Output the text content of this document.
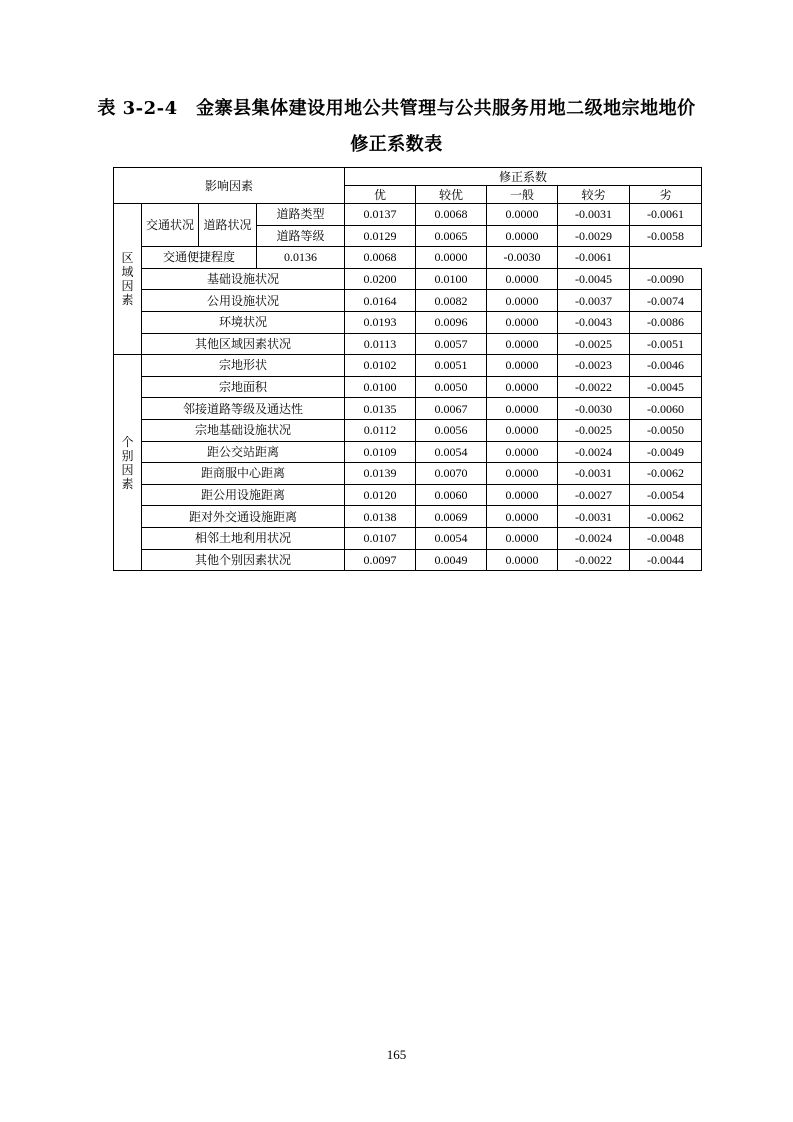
表 3-2-4　金寨县集体建设用地公共管理与公共服务用地二级地宗地地价
修正系数表
影响因素				修正系数				
				优	较优	一般	较劣	劣

区
域
因
素	交通状况	道路状况	道路类型	0.0137	0.0068	0.0000	-0.0031	-0.0061
			道路等级	0.0129	0.0065	0.0000	-0.0029	-0.0058
	交通便捷程度		0.0136	0.0068	0.0000	-0.0030	-0.0061	
	基础设施状况			0.0200	0.0100	0.0000	-0.0045	-0.0090
	公用设施状况			0.0164	0.0082	0.0000	-0.0037	-0.0074
	环境状况			0.0193	0.0096	0.0000	-0.0043	-0.0086
	其他区域因素状况			0.0113	0.0057	0.0000	-0.0025	-0.0051

个
别
因
素	宗地形状			0.0102	0.0051	0.0000	-0.0023	-0.0046
	宗地面积			0.0100	0.0050	0.0000	-0.0022	-0.0045
	邻接道路等级及通达性			0.0135	0.0067	0.0000	-0.0030	-0.0060
	宗地基础设施状况			0.0112	0.0056	0.0000	-0.0025	-0.0050
	距公交站距离			0.0109	0.0054	0.0000	-0.0024	-0.0049
	距商服中心距离			0.0139	0.0070	0.0000	-0.0031	-0.0062
	距公用设施距离			0.0120	0.0060	0.0000	-0.0027	-0.0054
	距对外交通设施距离			0.0138	0.0069	0.0000	-0.0031	-0.0062
	相邻土地利用状况			0.0107	0.0054	0.0000	-0.0024	-0.0048
	其他个别因素状况			0.0097	0.0049	0.0000	-0.0022	-0.0044
165
